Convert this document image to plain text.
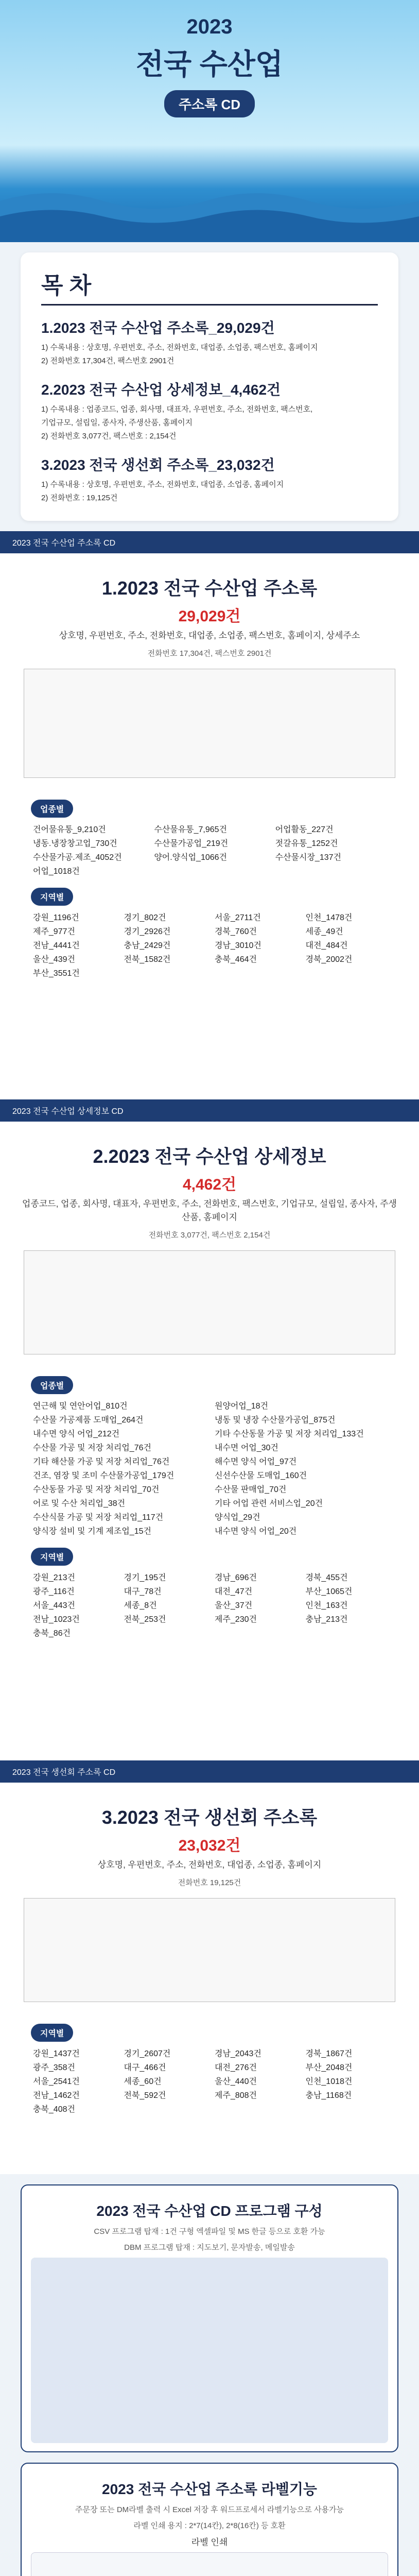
2023
전국 수산업
주소록 CD
목 차
1.2023 전국 수산업 주소록_29,029건

1) 수록내용 : 상호명, 우편번호, 주소, 전화번호, 대업종, 소업종, 팩스번호, 홈페이지

2) 전화번호 17,304건, 팩스번호 2901건

2.2023 전국 수산업 상세정보_4,462건

1) 수록내용 : 업종코드, 업종, 회사명, 대표자, 우편번호, 주소, 전화번호, 팩스번호,

기업규모, 설립일, 종사자, 주생산품, 홈페이지

2) 전화번호 3,077건, 팩스번호 : 2,154건

3.2023 전국 생선회 주소록_23,032건

1) 수록내용 : 상호명, 우편번호, 주소, 전화번호, 대업종, 소업종, 홈페이지

2) 전화번호 : 19,125건

2023 전국 수산업 주소록 CD
1.2023 전국 수산업 주소록
29,029건
상호명, 우편번호, 주소, 전화번호, 대업종, 소업종, 팩스번호, 홈페이지, 상세주소
전화번호 17,304건, 팩스번호 2901건
업종별
건어물유통_9,210건	수산물유통_7,965건	어업활동_227건
냉동.냉장창고업_730건	수산물가공업_219건	젓갈유통_1252건
수산물가공.제조_4052건	양어.양식업_1066건	수산물시장_137건
어업_1018건
지역별
강원_1196건	경기_802건	서울_2711건	인천_1478건
제주_977건	경기_2926건	경북_760건	세종_49건
전남_4441건	충남_2429건	경남_3010건	대전_484건
울산_439건	전북_1582건	충북_464건	경북_2002건
부산_3551건
2023 전국 수산업 상세정보 CD
2.2023 전국 수산업 상세정보
4,462건
업종코드, 업종, 회사명, 대표자, 우편번호, 주소, 전화번호, 팩스번호, 기업규모, 설립일, 종사자, 주생산품, 홈페이지
전화번호 3,077건, 팩스번호 2,154건
업종별
연근해 및 연안어업_810건	원양어업_18건
수산물 가공제품 도매업_264건	냉동 및 냉장 수산물가공업_875건
내수면 양식 어업_212건	기타 수산동물 가공 및 저장 처리업_133건
수산물 가공 및 저장 처리업_76건	내수면 어업_30건
기타 해산물 가공 및 저장 처리업_76건	해수면 양식 어업_97건
건조, 염장 및 조미 수산물가공업_179건	신선수산물 도매업_160건
수산동물 가공 및 저장 처리업_70건	수산물 판매업_70건
어로 및 수산 처리업_38건	기타 어업 관련 서비스업_20건
수산식물 가공 및 저장 처리업_117건	양식업_29건
양식장 설비 및 기계 제조업_15건	내수면 양식 어업_20건
지역별
강원_213건	경기_195건	경남_696건	경북_455건
광주_116건	대구_78건	대전_47건	부산_1065건
서울_443건	세종_8건	울산_37건	인천_163건
전남_1023건	전북_253건	제주_230건	충남_213건
충북_86건
2023 전국 생선회 주소록 CD
3.2023 전국 생선회 주소록
23,032건
상호명, 우편번호, 주소, 전화번호, 대업종, 소업종, 홈페이지
전화번호 19,125건
지역별
강원_1437건	경기_2607건	경남_2043건	경북_1867건
광주_358건	대구_466건	대전_276건	부산_2048건
서울_2541건	세종_60건	울산_440건	인천_1018건
전남_1462건	전북_592건	제주_808건	충남_1168건
충북_408건
2023 전국 수산업 CD 프로그램 구성
CSV 프로그램 탑재 : 1건 구형 엑셀파일 및 MS 한글 등으로 호환 가능
DBM 프로그램 탑재 : 지도보기, 문자발송, 메일발송
2023 전국 수산업 주소록 라벨기능
주문장 또는 DM라벨 출력 시 Excel 저장 후 워드프로세서 라벨기능으로 사용가능
라벨 인쇄 용지 : 2*7(14칸), 2*8(16칸) 등 호환
라벨 인쇄
